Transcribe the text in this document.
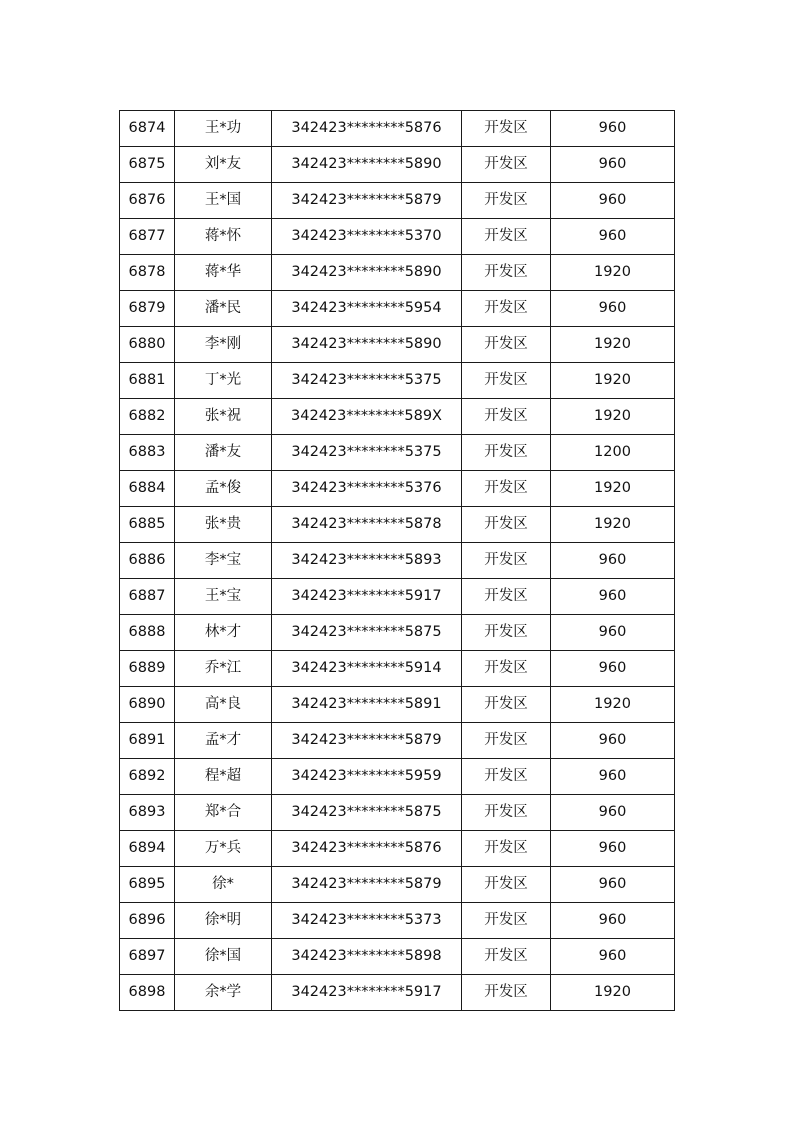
6874	王*功	342423********5876	开发区	960
6875	刘*友	342423********5890	开发区	960
6876	王*国	342423********5879	开发区	960
6877	蒋*怀	342423********5370	开发区	960
6878	蒋*华	342423********5890	开发区	1920
6879	潘*民	342423********5954	开发区	960
6880	李*刚	342423********5890	开发区	1920
6881	丁*光	342423********5375	开发区	1920
6882	张*祝	342423********589X	开发区	1920
6883	潘*友	342423********5375	开发区	1200
6884	孟*俊	342423********5376	开发区	1920
6885	张*贵	342423********5878	开发区	1920
6886	李*宝	342423********5893	开发区	960
6887	王*宝	342423********5917	开发区	960
6888	林*才	342423********5875	开发区	960
6889	乔*江	342423********5914	开发区	960
6890	高*良	342423********5891	开发区	1920
6891	孟*才	342423********5879	开发区	960
6892	程*超	342423********5959	开发区	960
6893	郑*合	342423********5875	开发区	960
6894	万*兵	342423********5876	开发区	960
6895	徐*	342423********5879	开发区	960
6896	徐*明	342423********5373	开发区	960
6897	徐*国	342423********5898	开发区	960
6898	余*学	342423********5917	开发区	1920
